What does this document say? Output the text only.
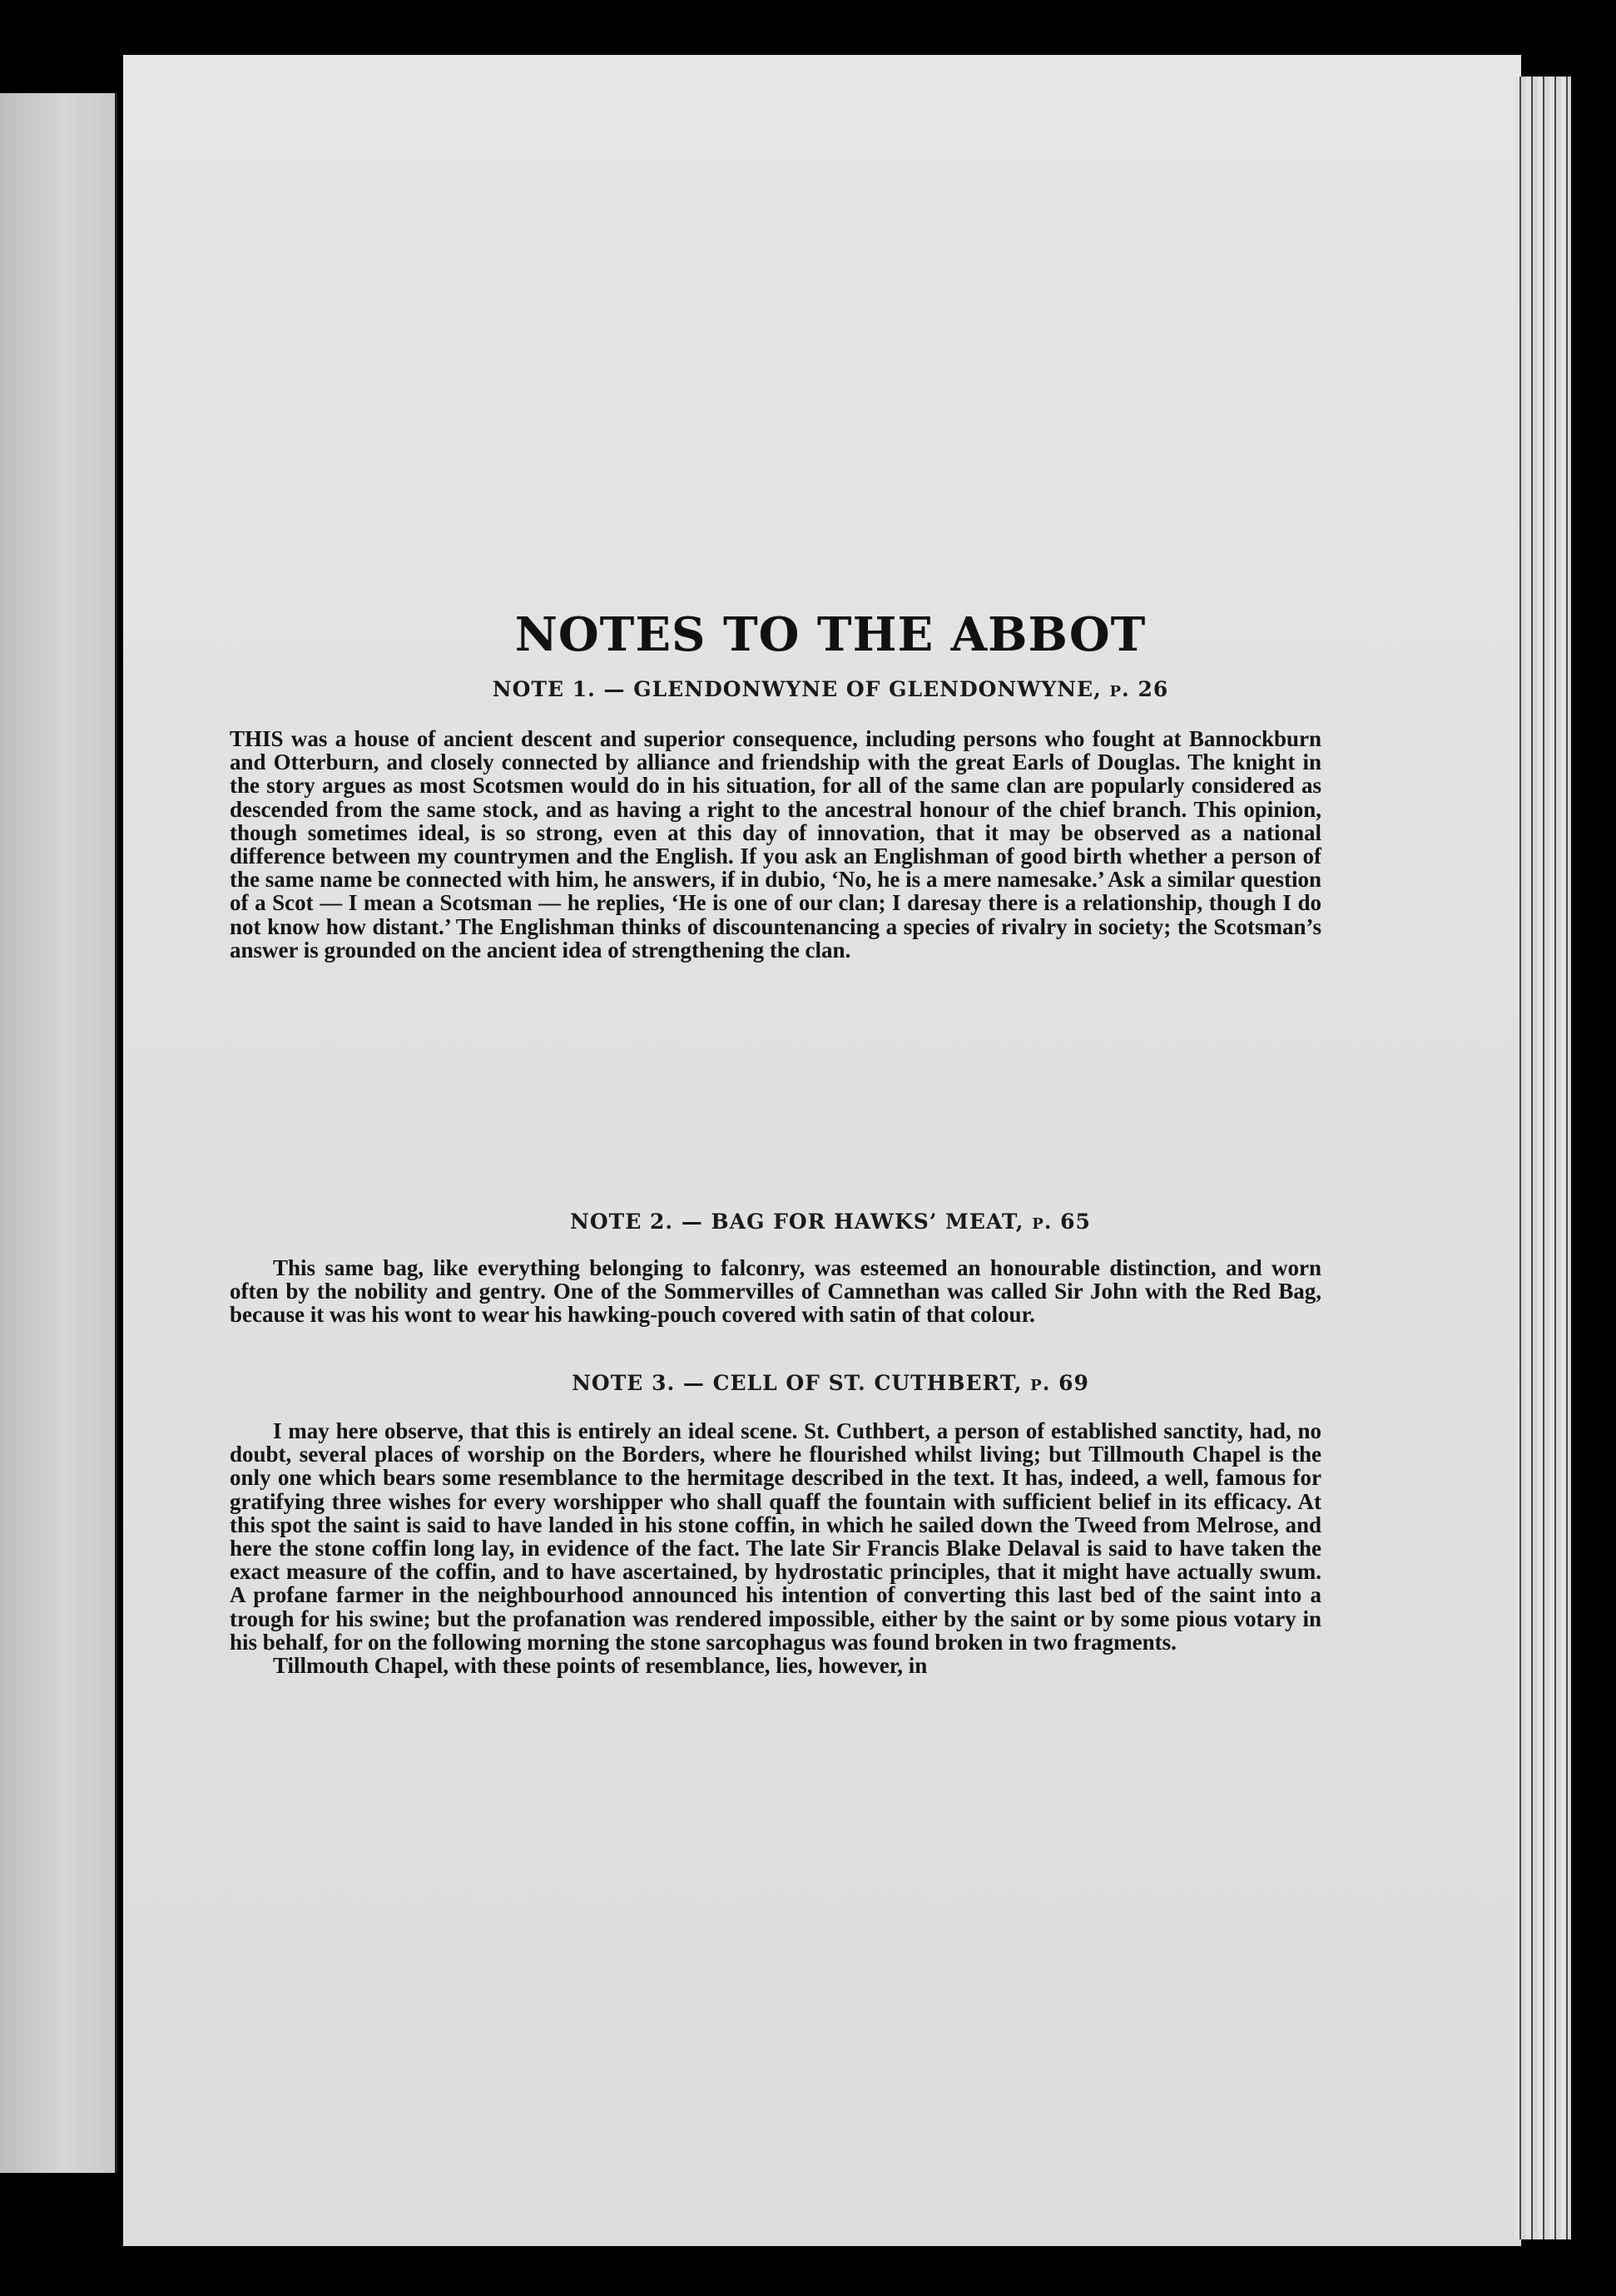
NOTES TO THE ABBOT
NOTE 1. — GLENDONWYNE OF GLENDONWYNE, p. 26

THIS was a house of ancient descent and superior consequence, including persons who fought at Bannockburn and Otterburn, and closely connected by alliance and friendship with the great Earls of Douglas. The knight in the story argues as most Scotsmen would do in his situation, for all of the same clan are popularly considered as descended from the same stock, and as having a right to the ancestral honour of the chief branch. This opinion, though sometimes ideal, is so strong, even at this day of innovation, that it may be observed as a national difference between my countrymen and the English. If you ask an Englishman of good birth whether a person of the same name be connected with him, he answers, if in dubio, ‘No, he is a mere namesake.’ Ask a similar question of a Scot — I mean a Scotsman — he replies, ‘He is one of our clan; I daresay there is a relationship, though I do not know how distant.’ The Englishman thinks of discountenancing a species of rivalry in society; the Scotsman’s answer is grounded on the ancient idea of strengthening the clan.

NOTE 2. — BAG FOR HAWKS’ MEAT, p. 65

This same bag, like everything belonging to falconry, was esteemed an honourable distinction, and worn often by the nobility and gentry. One of the Sommervilles of Camnethan was called Sir John with the Red Bag, because it was his wont to wear his hawking-pouch covered with satin of that colour.

NOTE 3. — CELL OF ST. CUTHBERT, p. 69

I may here observe, that this is entirely an ideal scene. St. Cuthbert, a person of established sanctity, had, no doubt, several places of worship on the Borders, where he flourished whilst living; but Tillmouth Chapel is the only one which bears some resemblance to the hermitage described in the text. It has, indeed, a well, famous for gratifying three wishes for every worshipper who shall quaff the fountain with sufficient belief in its efficacy. At this spot the saint is said to have landed in his stone coffin, in which he sailed down the Tweed from Melrose, and here the stone coffin long lay, in evidence of the fact. The late Sir Francis Blake Delaval is said to have taken the exact measure of the coffin, and to have ascertained, by hydrostatic principles, that it might have actually swum. A profane farmer in the neighbourhood announced his intention of converting this last bed of the saint into a trough for his swine; but the profanation was rendered impossible, either by the saint or by some pious votary in his behalf, for on the following morning the stone sarcophagus was found broken in two fragments.

Tillmouth Chapel, with these points of resemblance, lies, however, in
